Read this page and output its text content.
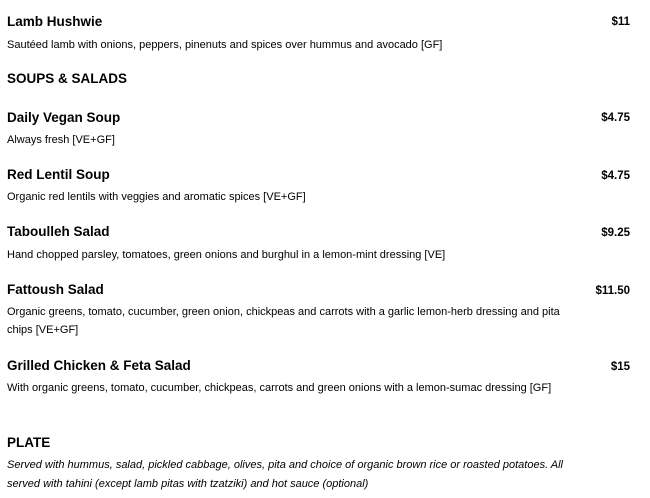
Lamb Hushwie	$11
Sautéed lamb with onions, peppers, pinenuts and spices over hummus and avocado [GF]
SOUPS & SALADS
Daily Vegan Soup	$4.75
Always fresh [VE+GF]
Red Lentil Soup	$4.75
Organic red lentils with veggies and aromatic spices [VE+GF]
Taboulleh Salad	$9.25
Hand chopped parsley, tomatoes, green onions and burghul in a lemon-mint dressing [VE]
Fattoush Salad	$11.50
Organic greens, tomato, cucumber, green onion, chickpeas and carrots with a garlic lemon-herb dressing and pita chips [VE+GF]
Grilled Chicken & Feta Salad	$15
With organic greens, tomato, cucumber, chickpeas, carrots and green onions with a lemon-sumac dressing [GF]
PLATE
Served with hummus, salad, pickled cabbage, olives, pita and choice of organic brown rice or roasted potatoes. All served with tahini (except lamb pitas with tzatziki) and hot sauce (optional)
